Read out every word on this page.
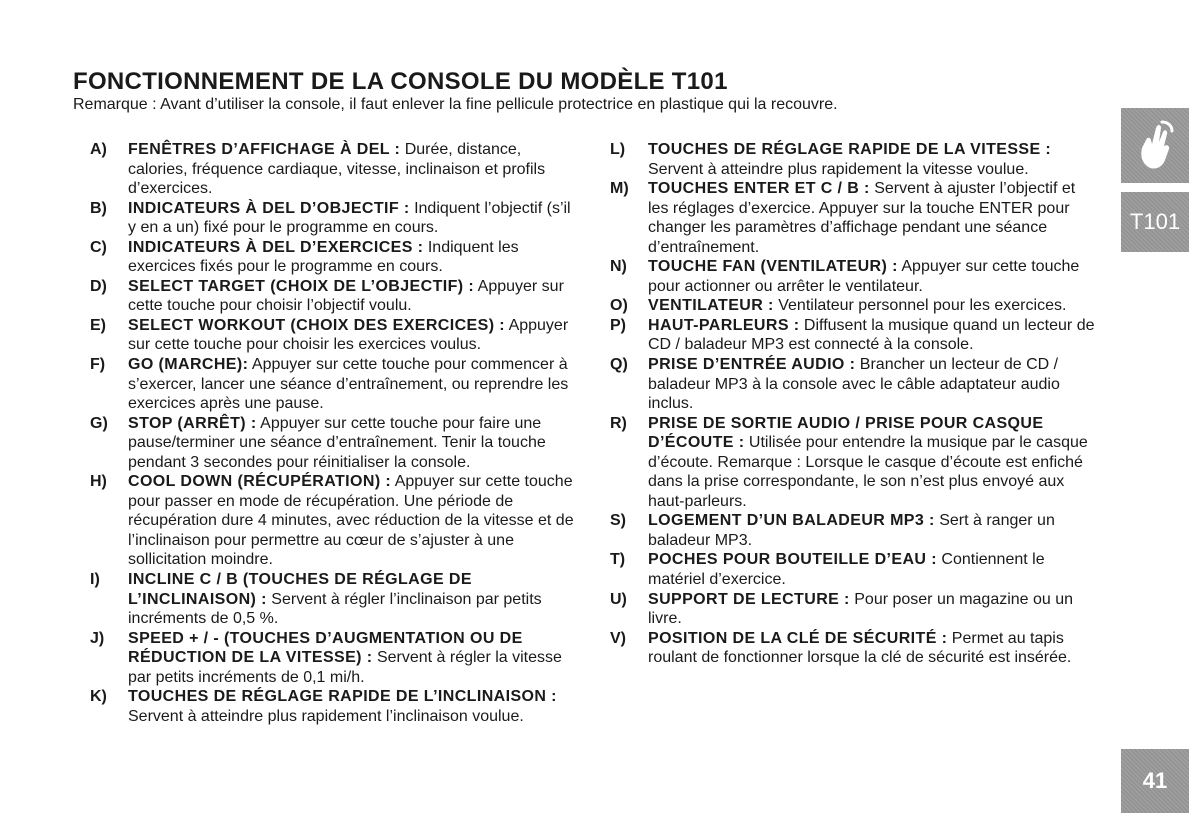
FONCTIONNEMENT DE LA CONSOLE DU MODÈLE T101
Remarque : Avant d’utiliser la console, il faut enlever la fine pellicule protectrice en plastique qui la recouvre.
A)	FENÊTRES D’AFFICHAGE À DEL : Durée, distance, calories, fréquence cardiaque, vitesse, inclinaison et profils d’exercices.
B)	INDICATEURS À DEL D’OBJECTIF : Indiquent l’objectif (s’il y en a un) fixé pour le programme en cours.
C)	INDICATEURS À DEL D’EXERCICES : Indiquent les exercices fixés pour le programme en cours.
D)	SELECT TARGET (CHOIX DE L’OBJECTIF) : Appuyer sur cette touche pour choisir l’objectif voulu.
E)	SELECT WORKOUT (CHOIX DES EXERCICES) : Appuyer sur cette touche pour choisir les exercices voulus.
F)	GO (MARCHE): Appuyer sur cette touche pour commencer à s’exercer, lancer une séance d’entraînement, ou reprendre les exercices après une pause.
G)	STOP (ARRÊT) : Appuyer sur cette touche pour faire une pause/terminer une séance d’entraînement. Tenir la touche pendant 3 secondes pour réinitialiser la console.
H)	COOL DOWN (RÉCUPÉRATION) : Appuyer sur cette touche pour passer en mode de récupération. Une période de récupération dure 4 minutes, avec réduction de la vitesse et de l’inclinaison pour permettre au cœur de s’ajuster à une sollicitation moindre.
I)	INCLINE C / B (TOUCHES DE RÉGLAGE DE L’INCLINAISON) : Servent à régler l’inclinaison par petits incréments de 0,5 %.
J)	SPEED + / - (TOUCHES D’AUGMENTATION OU DE RÉDUCTION DE LA VITESSE) : Servent à régler la vitesse par petits incréments de 0,1 mi/h.
K)	TOUCHES DE RÉGLAGE RAPIDE DE L’INCLINAISON : Servent à atteindre plus rapidement l’inclinaison voulue.
L)	TOUCHES DE RÉGLAGE RAPIDE DE LA VITESSE : Servent à atteindre plus rapidement la vitesse voulue.
M)	TOUCHES ENTER ET C / B : Servent à ajuster l’objectif et les réglages d’exercice. Appuyer sur la touche ENTER pour changer les paramètres d’affichage pendant une séance d’entraînement.
N)	TOUCHE FAN (VENTILATEUR) : Appuyer sur cette touche pour actionner ou arrêter le ventilateur.
O)	VENTILATEUR : Ventilateur personnel pour les exercices.
P)	HAUT-PARLEURS : Diffusent la musique quand un lecteur de CD / baladeur MP3 est connecté à la console.
Q)	PRISE D’ENTRÉE AUDIO : Brancher un lecteur de CD / baladeur MP3 à la console avec le câble adaptateur audio inclus.
R)	PRISE DE SORTIE AUDIO / PRISE POUR CASQUE D’ÉCOUTE : Utilisée pour entendre la musique par le casque d’écoute. Remarque : Lorsque le casque d’écoute est enfiché dans la prise correspondante, le son n’est plus envoyé aux haut-parleurs.
S)	LOGEMENT D’UN BALADEUR MP3 : Sert à ranger un baladeur MP3.
T)	POCHES POUR BOUTEILLE D’EAU : Contiennent le matériel d’exercice.
U)	SUPPORT DE LECTURE : Pour poser un magazine ou un livre.
V)	POSITION DE LA CLÉ DE SÉCURITÉ : Permet au tapis roulant de fonctionner lorsque la clé de sécurité est insérée.
T101
41
